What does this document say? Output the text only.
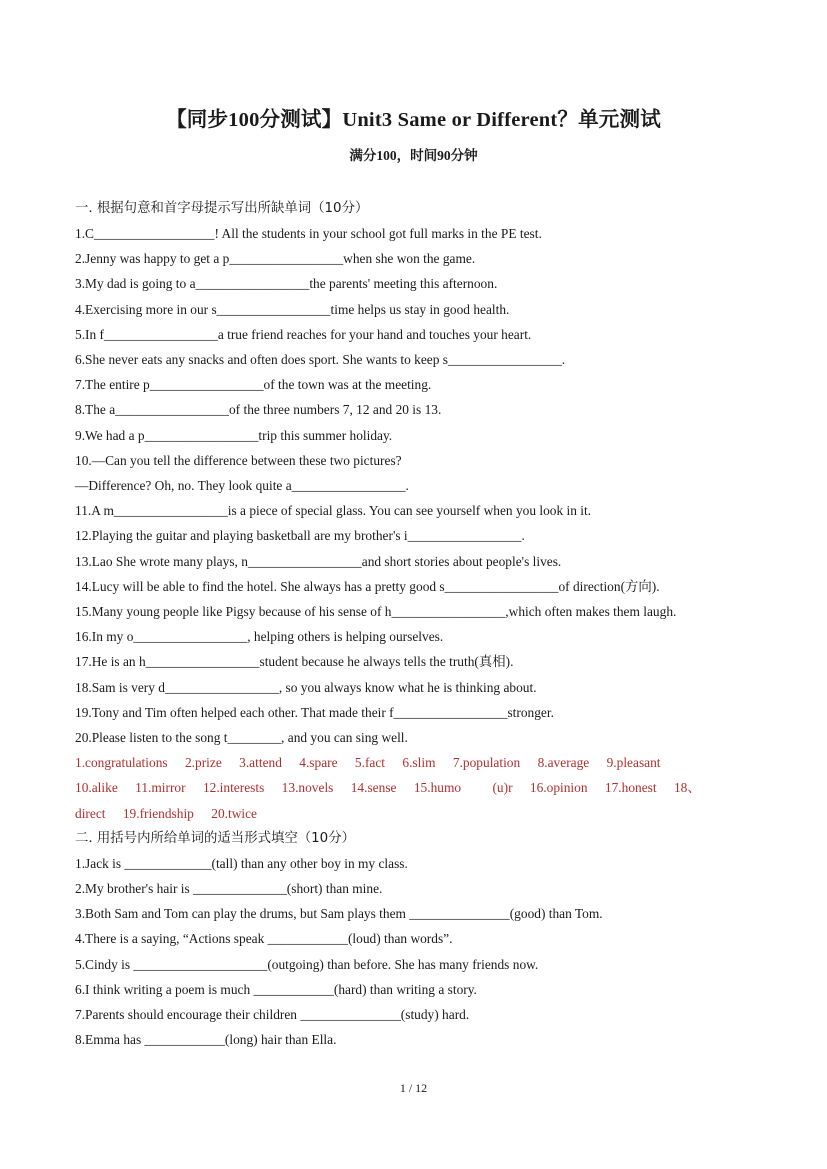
【同步100分测试】Unit3 Same or Different？单元测试
满分100，时间90分钟
一. 根据句意和首字母提示写出所缺单词（10分）
1.C__________________! All the students in your school got full marks in the PE test.
2.Jenny was happy to get a p_________________when she won the game.
3.My dad is going to a_________________the parents' meeting this afternoon.
4.Exercising more in our s_________________time helps us stay in good health.
5.In f_________________a true friend reaches for your hand and touches your heart.
6.She never eats any snacks and often does sport. She wants to keep s_________________.
7.The entire p_________________of the town was at the meeting.
8.The a_________________of the three numbers 7, 12 and 20 is 13.
9.We had a p_________________trip this summer holiday.
10.—Can you tell the difference between these two pictures?
—Difference? Oh, no. They look quite a_________________.
11.A m_________________is a piece of special glass. You can see yourself when you look in it.
12.Playing the guitar and playing basketball are my brother's i_________________.
13.Lao She wrote many plays, n_________________and short stories about people's lives.
14.Lucy will be able to find the hotel. She always has a pretty good s_________________of direction(方向).
15.Many young people like Pigsy because of his sense of h_________________,which often makes them laugh.
16.In my o_________________, helping others is helping ourselves.
17.He is an h_________________student because he always tells the truth(真相).
18.Sam is very d_________________, so you always know what he is thinking about.
19.Tony and Tim often helped each other. That made their f_________________stronger.
20.Please listen to the song t________, and you can sing well.
1.congratulations 2.prize 3.attend 4.spare 5.fact 6.slim 7.population 8.average 9.pleasant
10.alike 11.mirror 12.interests 13.novels 14.sense 15.humo (u)r 16.opinion 17.honest 18、
direct 19.friendship 20.twice
二. 用括号内所给单词的适当形式填空（10分）
1.Jack is _____________(tall) than any other boy in my class.
2.My brother's hair is ______________(short) than mine.
3.Both Sam and Tom can play the drums, but Sam plays them _______________(good) than Tom.
4.There is a saying, “Actions speak ____________(loud) than words”.
5.Cindy is ____________________(outgoing) than before. She has many friends now.
6.I think writing a poem is much ____________(hard) than writing a story.
7.Parents should encourage their children _______________(study) hard.
8.Emma has ____________(long) hair than Ella.
1 / 12
